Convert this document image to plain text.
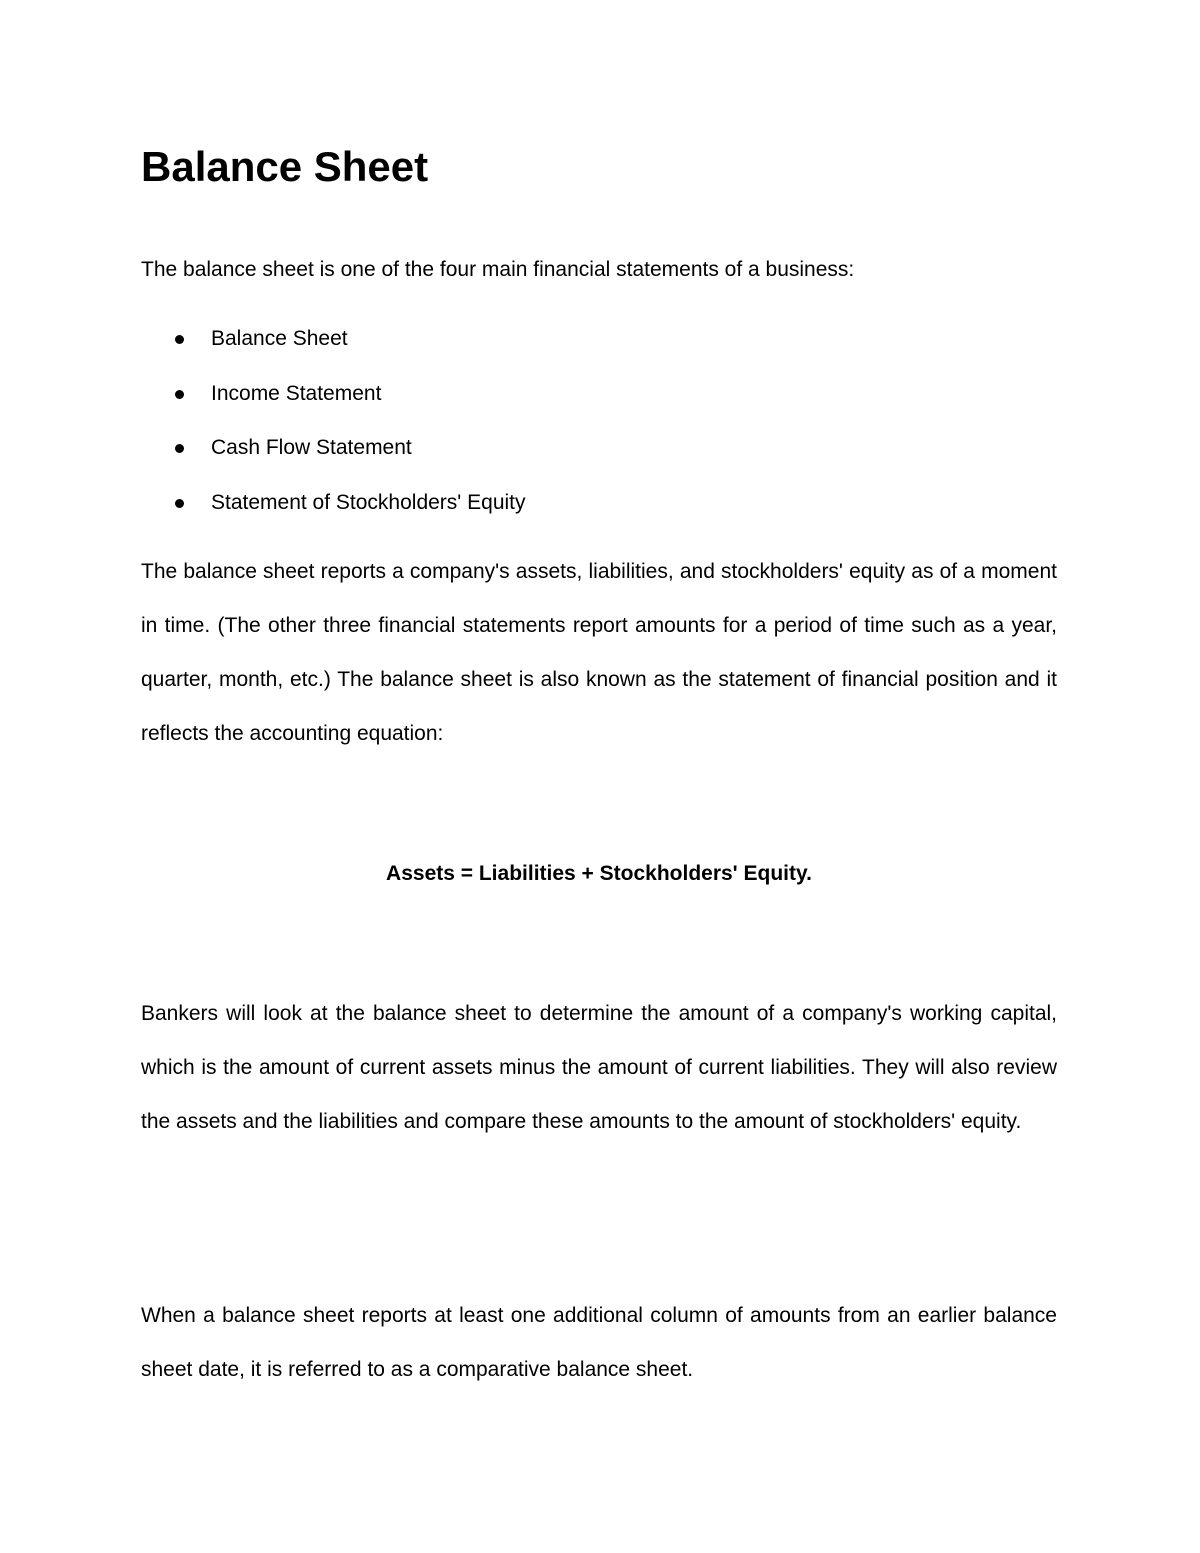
Balance Sheet

The balance sheet is one of the four main financial statements of a business:

Balance Sheet
Income Statement
Cash Flow Statement
Statement of Stockholders' Equity

The balance sheet reports a company's assets, liabilities, and stockholders' equity as of a moment in time. (The other three financial statements report amounts for a period of time such as a year, quarter, month, etc.) The balance sheet is also known as the statement of financial position and it reflects the accounting equation:

Assets = Liabilities + Stockholders' Equity.

Bankers will look at the balance sheet to determine the amount of a company's working capital, which is the amount of current assets minus the amount of current liabilities. They will also review the assets and the liabilities and compare these amounts to the amount of stockholders' equity.

When a balance sheet reports at least one additional column of amounts from an earlier balance sheet date, it is referred to as a comparative balance sheet.
